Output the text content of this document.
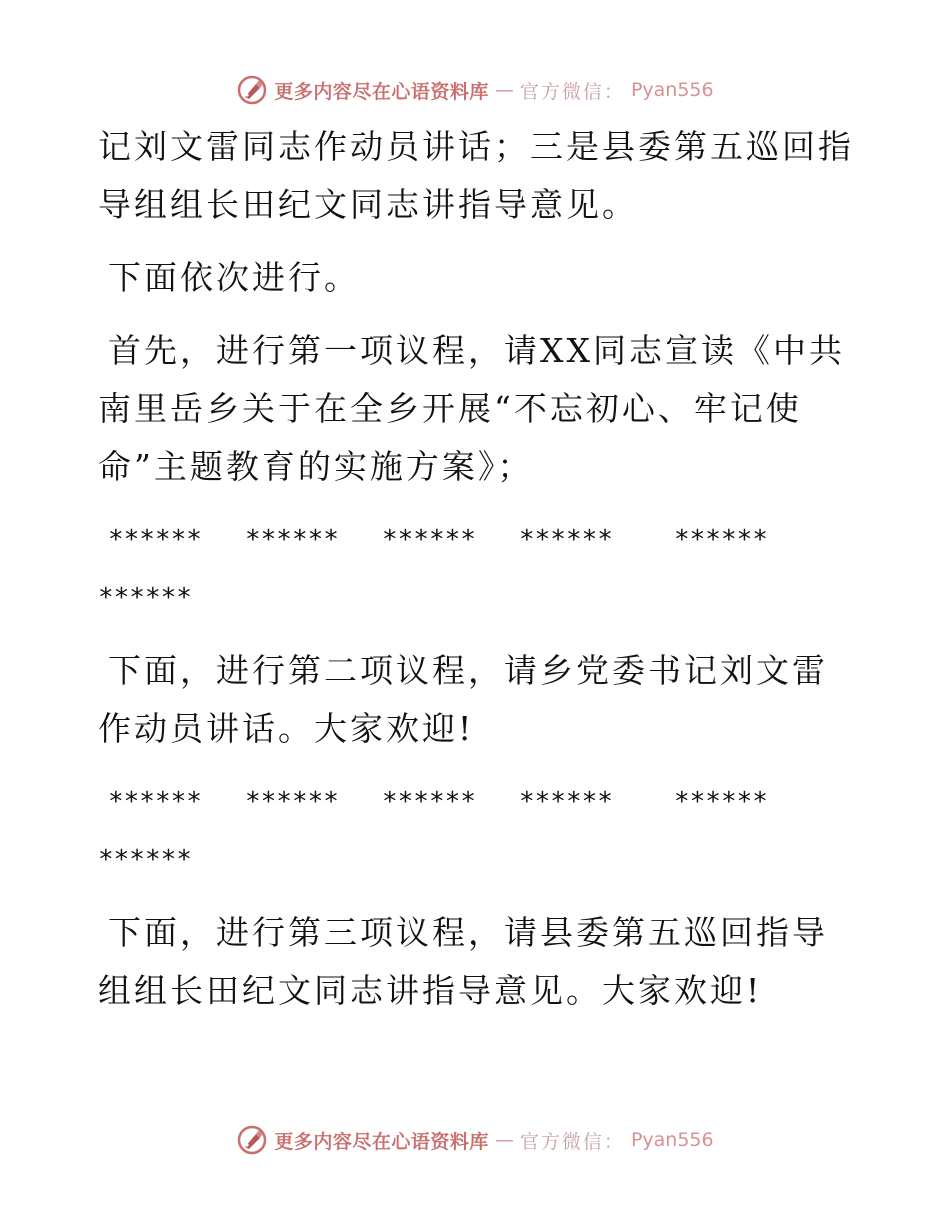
更多内容尽在心语资料库 — 官方微信： Pyan556

记刘文雷同志作动员讲话；三是县委第五巡回指导组组长田纪文同志讲指导意见。

下面依次进行。

首先，进行第一项议程，请XX同志宣读《中共南里岳乡关于在全乡开展“不忘初心、牢记使命”主题教育的实施方案》；

******	******	******	******	******
******

下面，进行第二项议程，请乡党委书记刘文雷作动员讲话。大家欢迎!

******	******	******	******	******
******

下面，进行第三项议程，请县委第五巡回指导组组长田纪文同志讲指导意见。大家欢迎!

更多内容尽在心语资料库 — 官方微信： Pyan556
